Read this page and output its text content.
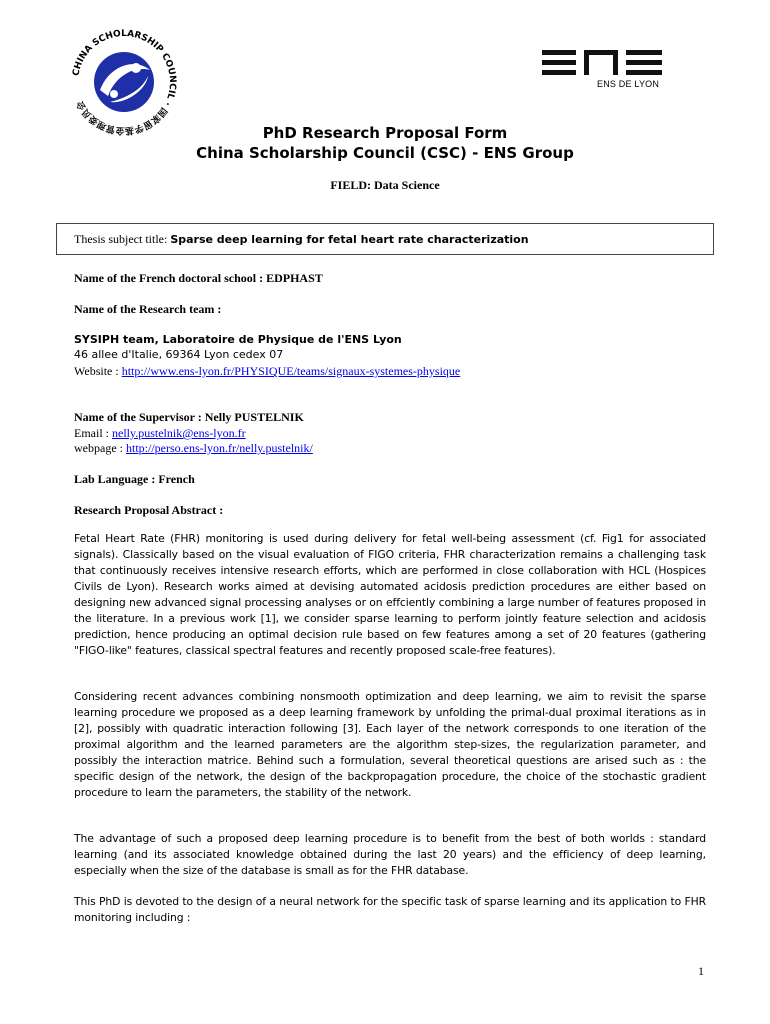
CHINA SCHOLARSHIP COUNCIL · 国家留学基金管理委员会
ENS DE LYON
PhD Research Proposal Form
China Scholarship Council (CSC) - ENS Group
FIELD: Data Science
Thesis subject title: Sparse deep learning for fetal heart rate characterization
Name of the French doctoral school : EDPHAST
Name of the Research team :
SYSIPH team, Laboratoire de Physique de l'ENS Lyon
46 allee d'Italie, 69364 Lyon cedex 07
Website : http://www.ens-lyon.fr/PHYSIQUE/teams/signaux-systemes-physique
Name of the Supervisor : Nelly PUSTELNIK
Email : nelly.pustelnik@ens-lyon.fr
webpage : http://perso.ens-lyon.fr/nelly.pustelnik/
Lab Language : French
Research Proposal Abstract :

Fetal Heart Rate (FHR) monitoring is used during delivery for fetal well-being assessment (cf. Fig1 for associated signals). Classically based on the visual evaluation of FIGO criteria, FHR characterization remains a challenging task that continuously receives intensive research efforts, which are performed in close collaboration with HCL (Hospices Civils de Lyon). Research works aimed at devising automated acidosis prediction procedures are either based on designing new advanced signal processing analyses or on effciently combining a large number of features proposed in the literature. In a previous work [1], we consider sparse learning to perform jointly feature selection and acidosis prediction, hence producing an optimal decision rule based on few features among a set of 20 features (gathering "FIGO-like" features, classical spectral features and recently proposed scale-free features).

Considering recent advances combining nonsmooth optimization and deep learning, we aim to revisit the sparse learning procedure we proposed as a deep learning framework by unfolding the primal-dual proximal iterations as in [2], possibly with quadratic interaction following [3]. Each layer of the network corresponds to one iteration of the proximal algorithm and the learned parameters are the algorithm step-sizes, the regularization parameter, and possibly the interaction matrice. Behind such a formulation, several theoretical questions are arised such as : the specific design of the network, the design of the backpropagation procedure, the choice of the stochastic gradient procedure to learn the parameters, the stability of the network.

The advantage of such a proposed deep learning procedure is to benefit from the best of both worlds : standard learning (and its associated knowledge obtained during the last 20 years) and the efficiency of deep learning, especially when the size of the database is small as for the FHR database.

This PhD is devoted to the design of a neural network for the specific task of sparse learning and its application to FHR monitoring including :

1
